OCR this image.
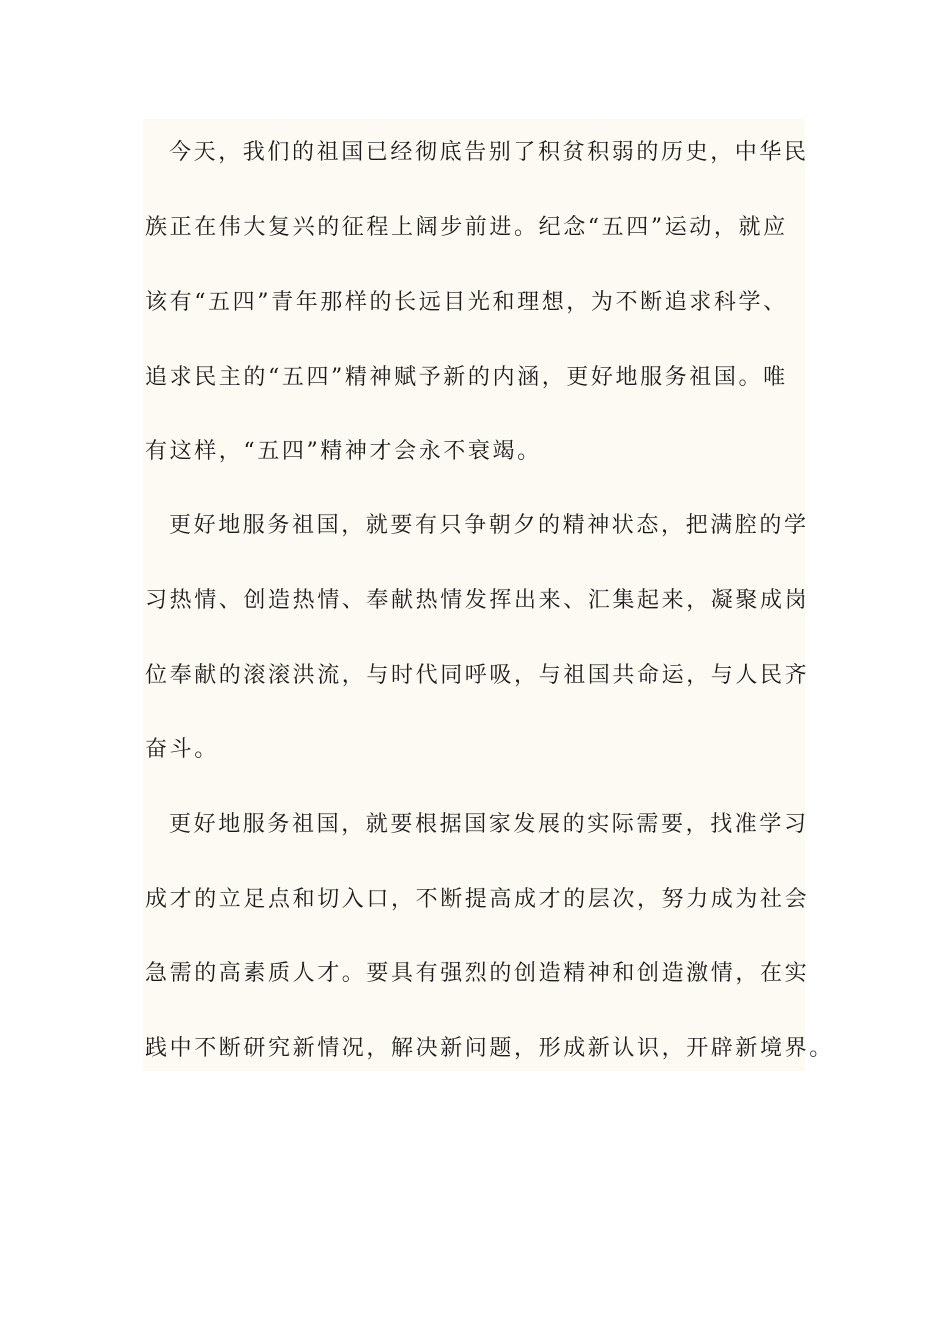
今天，我们的祖国已经彻底告别了积贫积弱的历史，中华民
族正在伟大复兴的征程上阔步前进。纪念“五四”运动，就应
该有“五四”青年那样的长远目光和理想，为不断追求科学、
追求民主的“五四”精神赋予新的内涵，更好地服务祖国。唯
有这样，“五四”精神才会永不衰竭。
更好地服务祖国，就要有只争朝夕的精神状态，把满腔的学
习热情、创造热情、奉献热情发挥出来、汇集起来，凝聚成岗
位奉献的滚滚洪流，与时代同呼吸，与祖国共命运，与人民齐
奋斗。
更好地服务祖国，就要根据国家发展的实际需要，找准学习
成才的立足点和切入口，不断提高成才的层次，努力成为社会
急需的高素质人才。要具有强烈的创造精神和创造激情，在实
践中不断研究新情况，解决新问题，形成新认识，开辟新境界。
